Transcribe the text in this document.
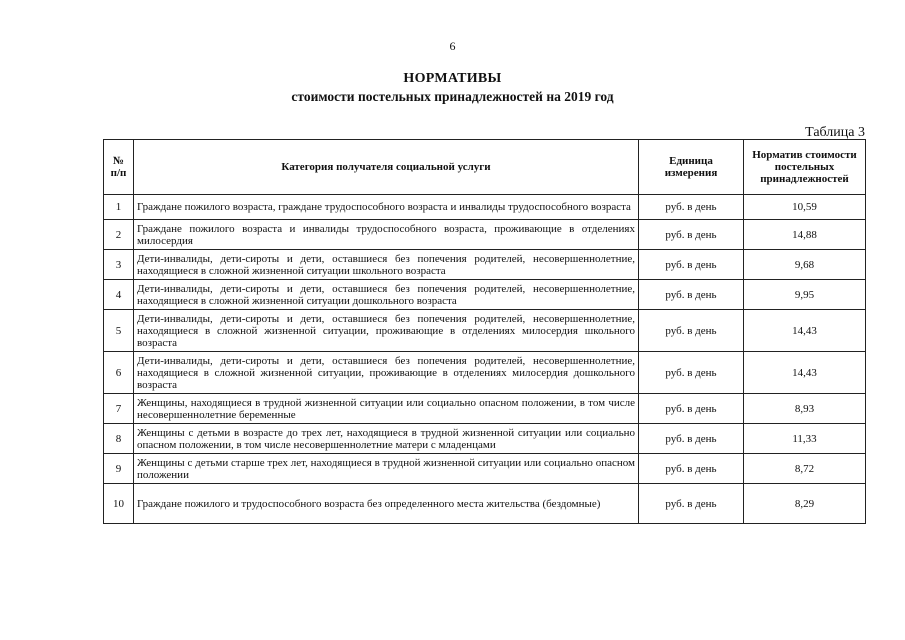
6
НОРМАТИВЫ
стоимости постельных принадлежностей на 2019 год
Таблица 3
№ п/п	Категория получателя социальной услуги	Единица измерения	Норматив стоимости постельных принадлежностей
1	Граждане пожилого возраста, граждане трудоспособного возраста и инвалиды трудоспособного возраста	руб. в день	10,59
2	Граждане пожилого возраста и инвалиды трудоспособного возраста, проживающие в отделениях милосердия	руб. в день	14,88
3	Дети-инвалиды, дети-сироты и дети, оставшиеся без попечения родителей, несовершеннолетние, находящиеся в сложной жизненной ситуации школьного возраста	руб. в день	9,68
4	Дети-инвалиды, дети-сироты и дети, оставшиеся без попечения родителей, несовершеннолетние, находящиеся в сложной жизненной ситуации дошкольного возраста	руб. в день	9,95
5	Дети-инвалиды, дети-сироты и дети, оставшиеся без попечения родителей, несовершеннолетние, находящиеся в сложной жизненной ситуации, проживающие в отделениях милосердия школьного возраста	руб. в день	14,43
6	Дети-инвалиды, дети-сироты и дети, оставшиеся без попечения родителей, несовершеннолетние, находящиеся в сложной жизненной ситуации, проживающие в отделениях милосердия дошкольного возраста	руб. в день	14,43
7	Женщины, находящиеся в трудной жизненной ситуации или социально опасном положении, в том числе несовершеннолетние беременные	руб. в день	8,93
8	Женщины с детьми в возрасте до трех лет, находящиеся в трудной жизненной ситуации или социально опасном положении, в том числе несовершеннолетние матери с младенцами	руб. в день	11,33
9	Женщины с детьми старше трех лет, находящиеся в трудной жизненной ситуации или социально опасном положении	руб. в день	8,72
10	Граждане пожилого и трудоспособного возраста без определенного места жительства (бездомные)	руб. в день	8,29
